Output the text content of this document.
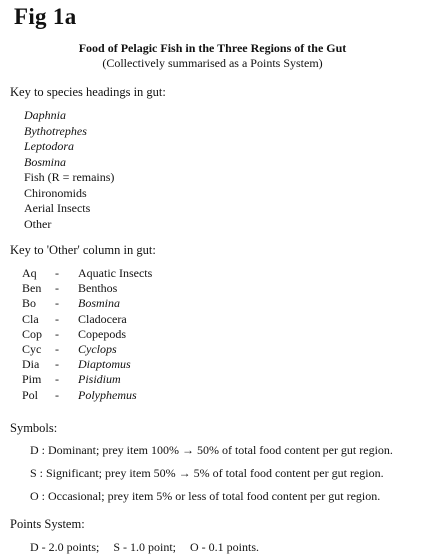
Fig 1a
Food of Pelagic Fish in the Three Regions of the Gut
(Collectively summarised as a Points System)
Key to species headings in gut:
Daphnia
Bythotrephes
Leptodora
Bosmina
Fish (R = remains)
Chironomids
Aerial Insects
Other
Key to 'Other' column in gut:
Aq	-	Aquatic Insects
Ben	-	Benthos
Bo	-	Bosmina
Cla	-	Cladocera
Cop	-	Copepods
Cyc	-	Cyclops
Dia	-	Diaptomus
Pim	-	Pisidium
Pol	-	Polyphemus
Symbols:
D : Dominant; prey item 100% → 50% of total food content per gut region.
S : Significant; prey item 50% → 5% of total food content per gut region.
O : Occasional; prey item 5% or less of total food content per gut region.
Points System:
D - 2.0 points; S - 1.0 point; O - 0.1 points.
